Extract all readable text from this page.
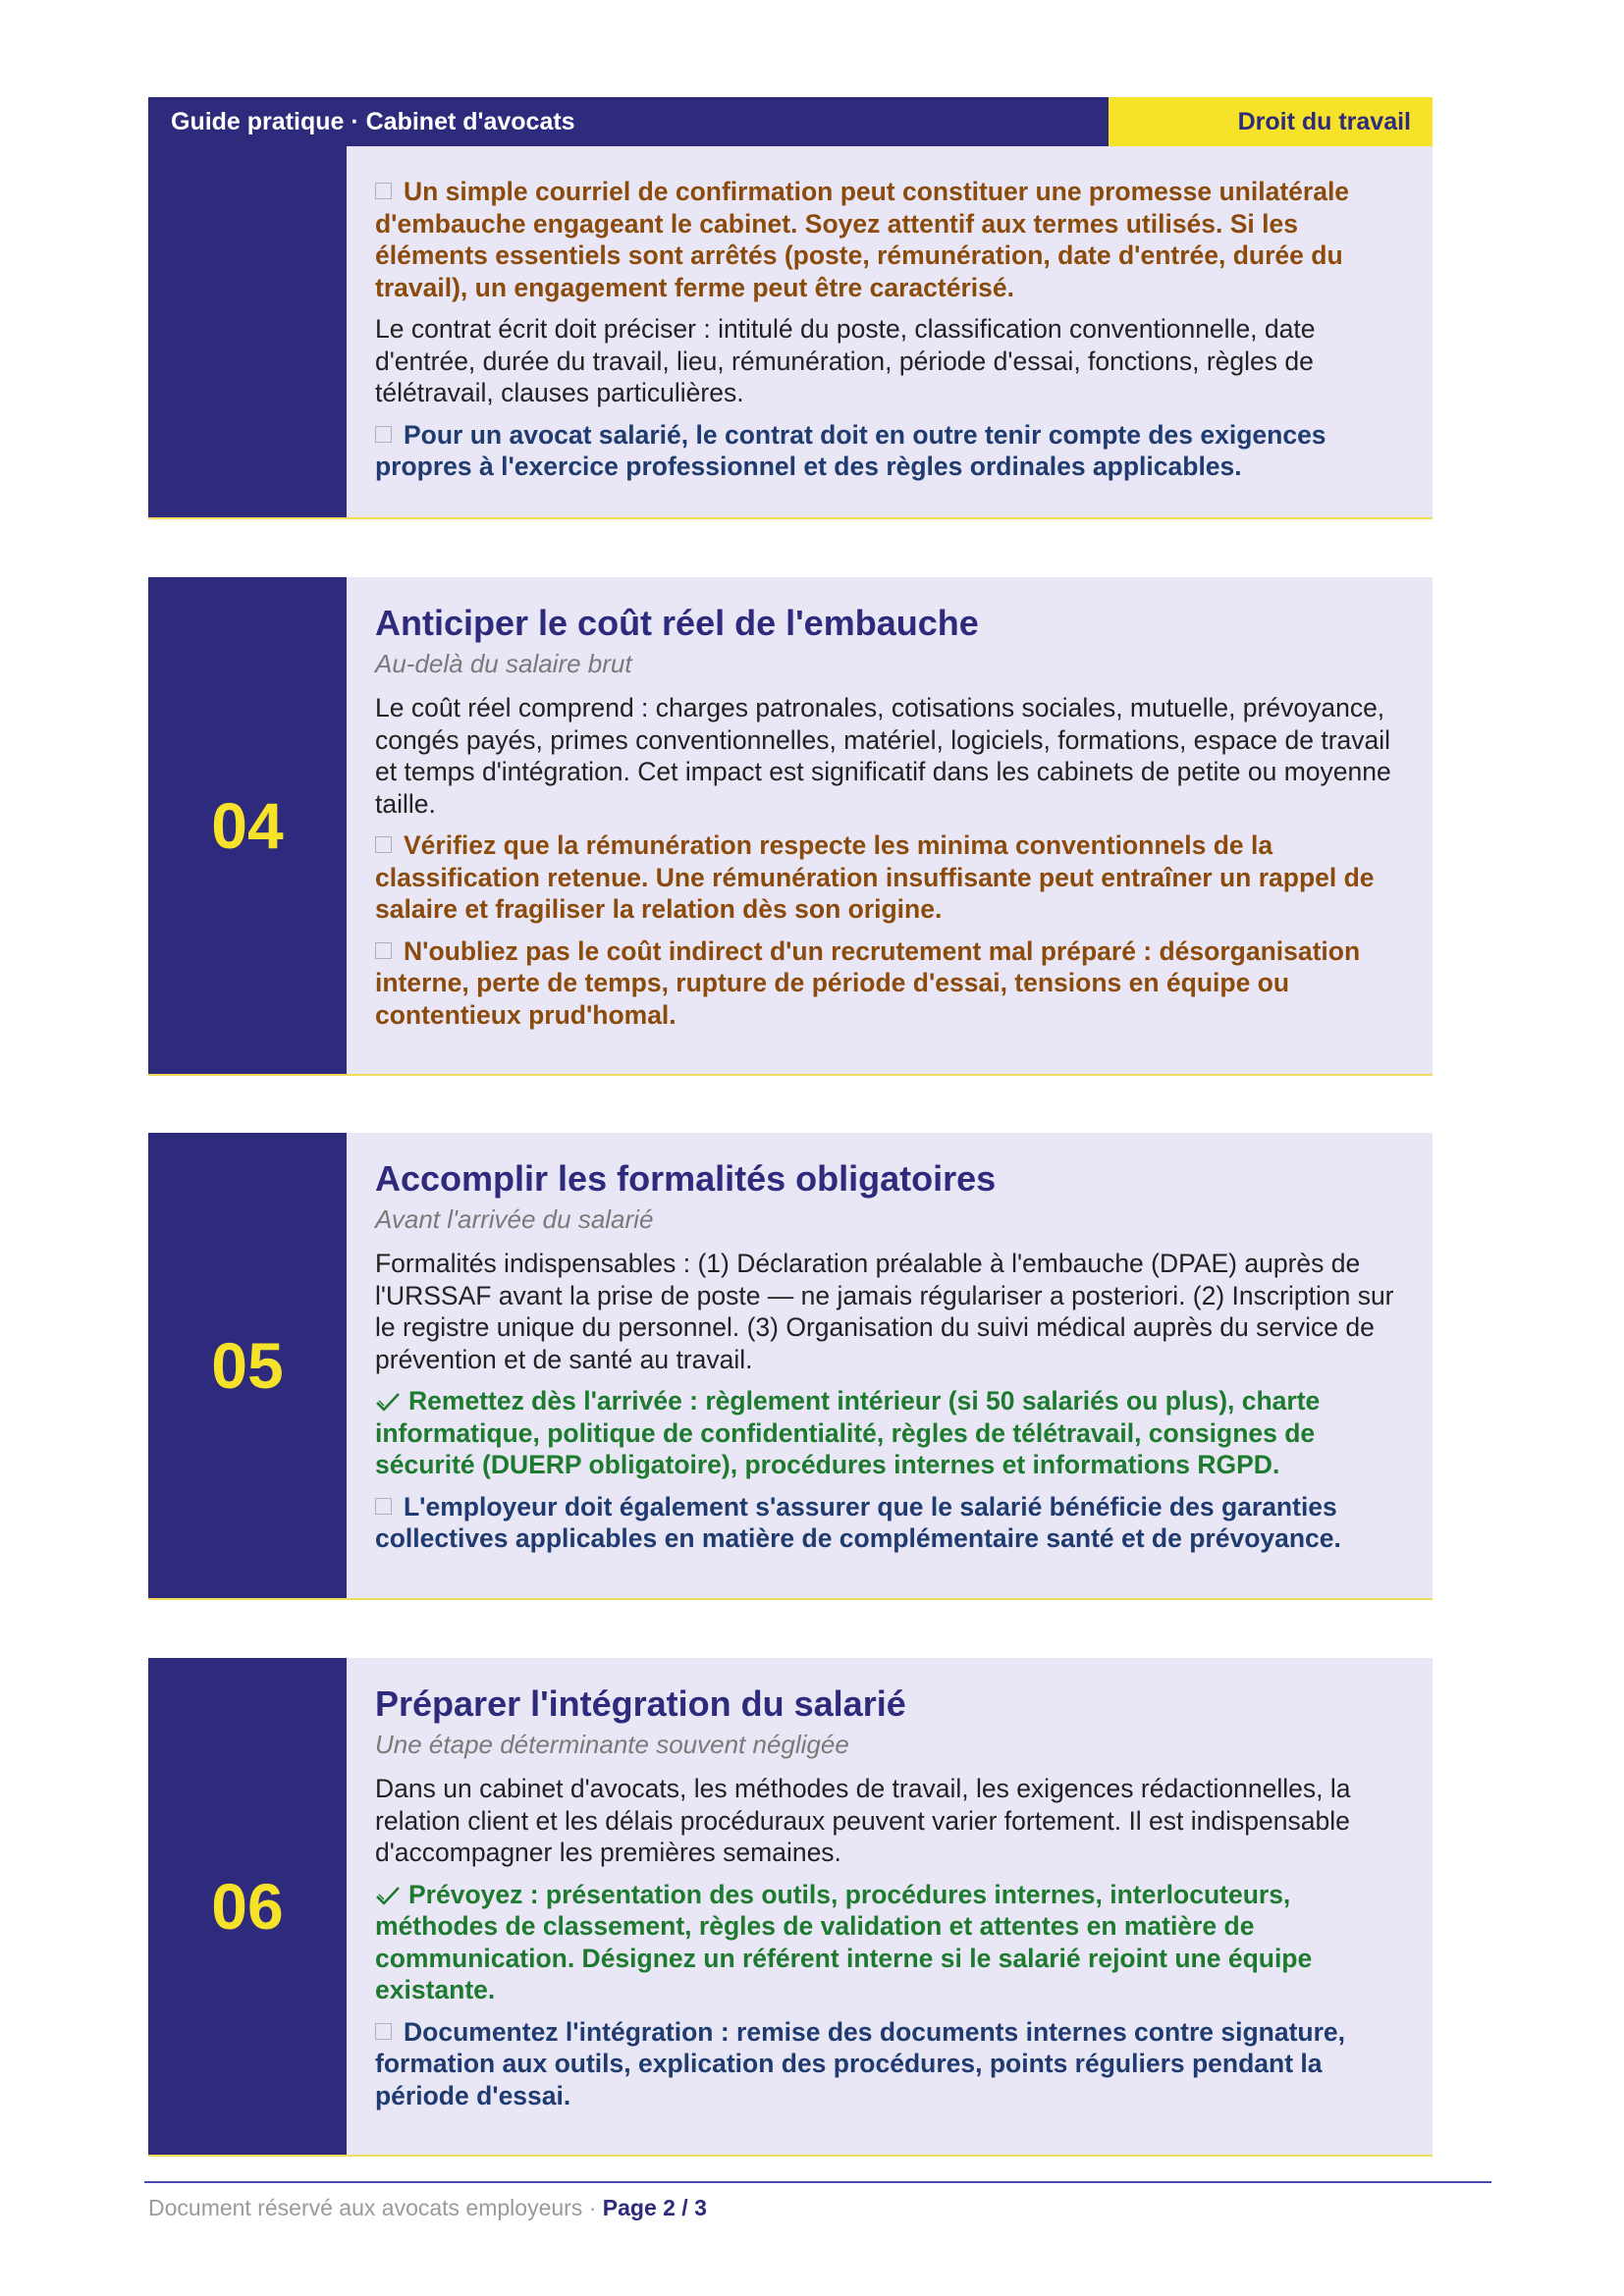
Guide pratique · Cabinet d'avocats	Droit du travail

Un simple courriel de confirmation peut constituer une promesse unilatérale d'embauche engageant le cabinet. Soyez attentif aux termes utilisés. Si les éléments essentiels sont arrêtés (poste, rémunération, date d'entrée, durée du travail), un engagement ferme peut être caractérisé.

Le contrat écrit doit préciser : intitulé du poste, classification conventionnelle, date d'entrée, durée du travail, lieu, rémunération, période d'essai, fonctions, règles de télétravail, clauses particulières.

Pour un avocat salarié, le contrat doit en outre tenir compte des exigences propres à l'exercice professionnel et des règles ordinales applicables.

04
Anticiper le coût réel de l'embauche
Au-delà du salaire brut

Le coût réel comprend : charges patronales, cotisations sociales, mutuelle, prévoyance, congés payés, primes conventionnelles, matériel, logiciels, formations, espace de travail et temps d'intégration. Cet impact est significatif dans les cabinets de petite ou moyenne taille.

Vérifiez que la rémunération respecte les minima conventionnels de la classification retenue. Une rémunération insuffisante peut entraîner un rappel de salaire et fragiliser la relation dès son origine.

N'oubliez pas le coût indirect d'un recrutement mal préparé : désorganisation interne, perte de temps, rupture de période d'essai, tensions en équipe ou contentieux prud'homal.

05
Accomplir les formalités obligatoires
Avant l'arrivée du salarié

Formalités indispensables : (1) Déclaration préalable à l'embauche (DPAE) auprès de l'URSSAF avant la prise de poste — ne jamais régulariser a posteriori. (2) Inscription sur le registre unique du personnel. (3) Organisation du suivi médical auprès du service de prévention et de santé au travail.

Remettez dès l'arrivée : règlement intérieur (si 50 salariés ou plus), charte informatique, politique de confidentialité, règles de télétravail, consignes de sécurité (DUERP obligatoire), procédures internes et informations RGPD.

L'employeur doit également s'assurer que le salarié bénéficie des garanties collectives applicables en matière de complémentaire santé et de prévoyance.

06
Préparer l'intégration du salarié
Une étape déterminante souvent négligée

Dans un cabinet d'avocats, les méthodes de travail, les exigences rédactionnelles, la relation client et les délais procéduraux peuvent varier fortement. Il est indispensable d'accompagner les premières semaines.

Prévoyez : présentation des outils, procédures internes, interlocuteurs, méthodes de classement, règles de validation et attentes en matière de communication. Désignez un référent interne si le salarié rejoint une équipe existante.

Documentez l'intégration : remise des documents internes contre signature, formation aux outils, explication des procédures, points réguliers pendant la période d'essai.

Document réservé aux avocats employeurs · Page 2 / 3
